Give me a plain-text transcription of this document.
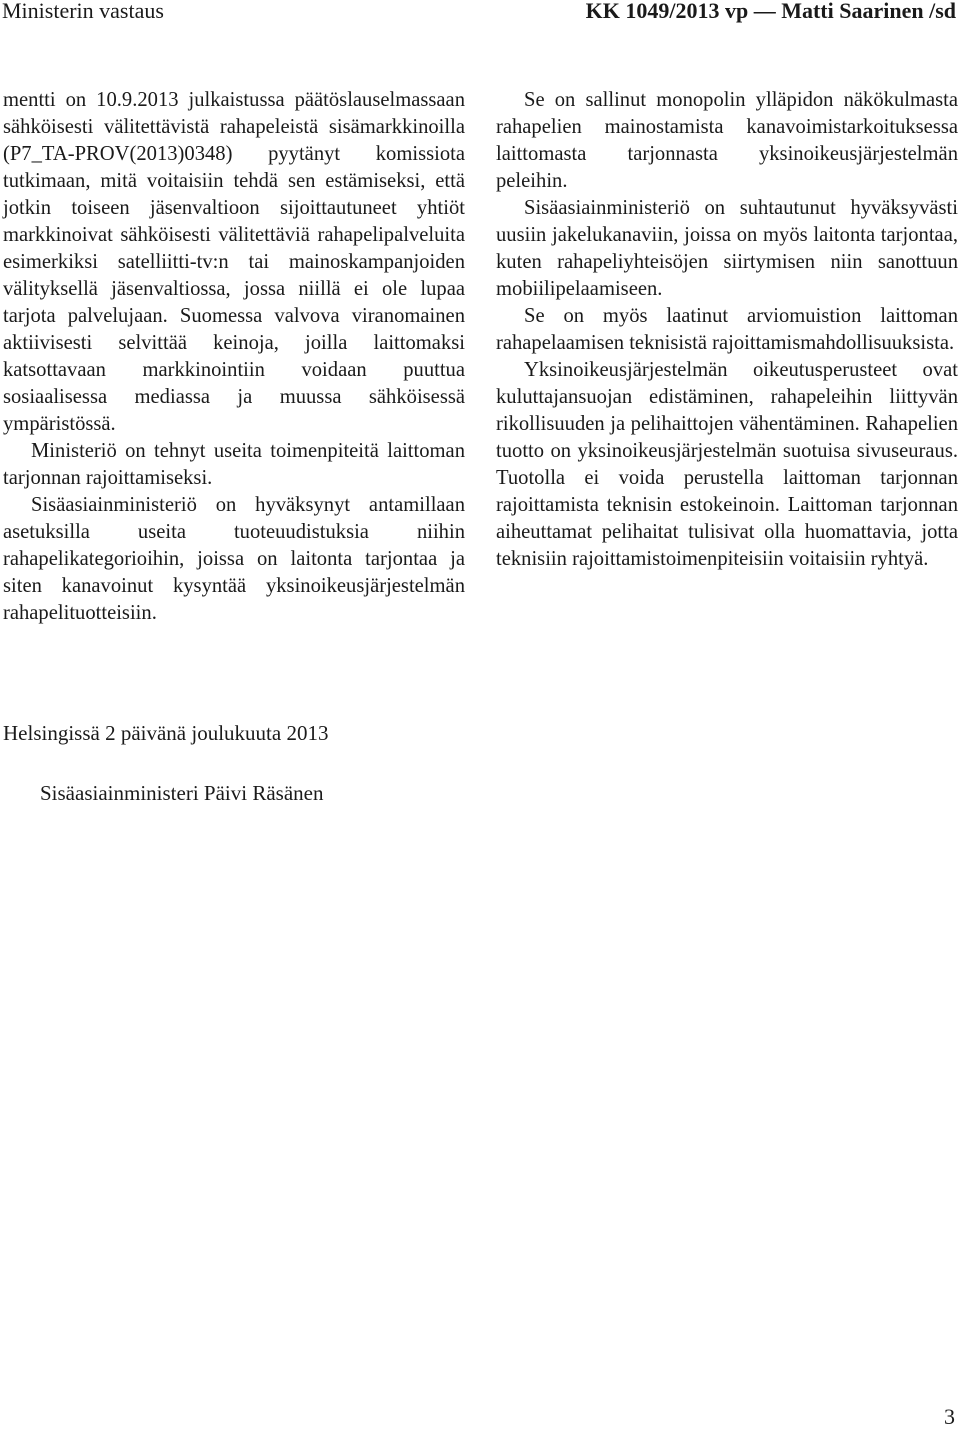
Ministerin vastaus	KK 1049/2013 vp — Matti Saarinen /sd

mentti on 10.9.2013 julkaistussa päätöslauselmassaan sähköisesti välitettävistä rahapeleistä sisämarkkinoilla (P7_TA-PROV(2013)0348) pyytänyt komissiota tutkimaan, mitä voitaisiin tehdä sen estämiseksi, että jotkin toiseen jäsenvaltioon sijoittautuneet yhtiöt markkinoivat sähköisesti välitettäviä rahapelipalveluita esimerkiksi satelliitti-tv:n tai mainoskampanjoiden välityksellä jäsenvaltiossa, jossa niillä ei ole lupaa tarjota palvelujaan. Suomessa valvova viranomainen aktiivisesti selvittää keinoja, joilla laittomaksi katsottavaan markkinointiin voidaan puuttua sosiaalisessa mediassa ja muussa sähköisessä ympäristössä.

Ministeriö on tehnyt useita toimenpiteitä laittoman tarjonnan rajoittamiseksi.

Sisäasiainministeriö on hyväksynyt antamillaan asetuksilla useita tuoteuudistuksia niihin rahapelikategorioihin, joissa on laitonta tarjontaa ja siten kanavoinut kysyntää yksinoikeusjärjestelmän rahapelituotteisiin.

Se on sallinut monopolin ylläpidon näkökulmasta rahapelien mainostamista kanavoimistarkoituksessa laittomasta tarjonnasta yksinoikeusjärjestelmän peleihin.

Sisäasiainministeriö on suhtautunut hyväksyvästi uusiin jakelukanaviin, joissa on myös laitonta tarjontaa, kuten rahapeliyhteisöjen siirtymisen niin sanottuun mobiilipelaamiseen.

Se on myös laatinut arviomuistion laittoman rahapelaamisen teknisistä rajoittamismahdollisuuksista.

Yksinoikeusjärjestelmän oikeutusperusteet ovat kuluttajansuojan edistäminen, rahapeleihin liittyvän rikollisuuden ja pelihaittojen vähentäminen. Rahapelien tuotto on yksinoikeusjärjestelmän suotuisa sivuseuraus. Tuotolla ei voida perustella laittoman tarjonnan rajoittamista teknisin estokeinoin. Laittoman tarjonnan aiheuttamat pelihaitat tulisivat olla huomattavia, jotta teknisiin rajoittamistoimenpiteisiin voitaisiin ryhtyä.

Helsingissä 2 päivänä joulukuuta 2013
Sisäasiainministeri Päivi Räsänen
3
